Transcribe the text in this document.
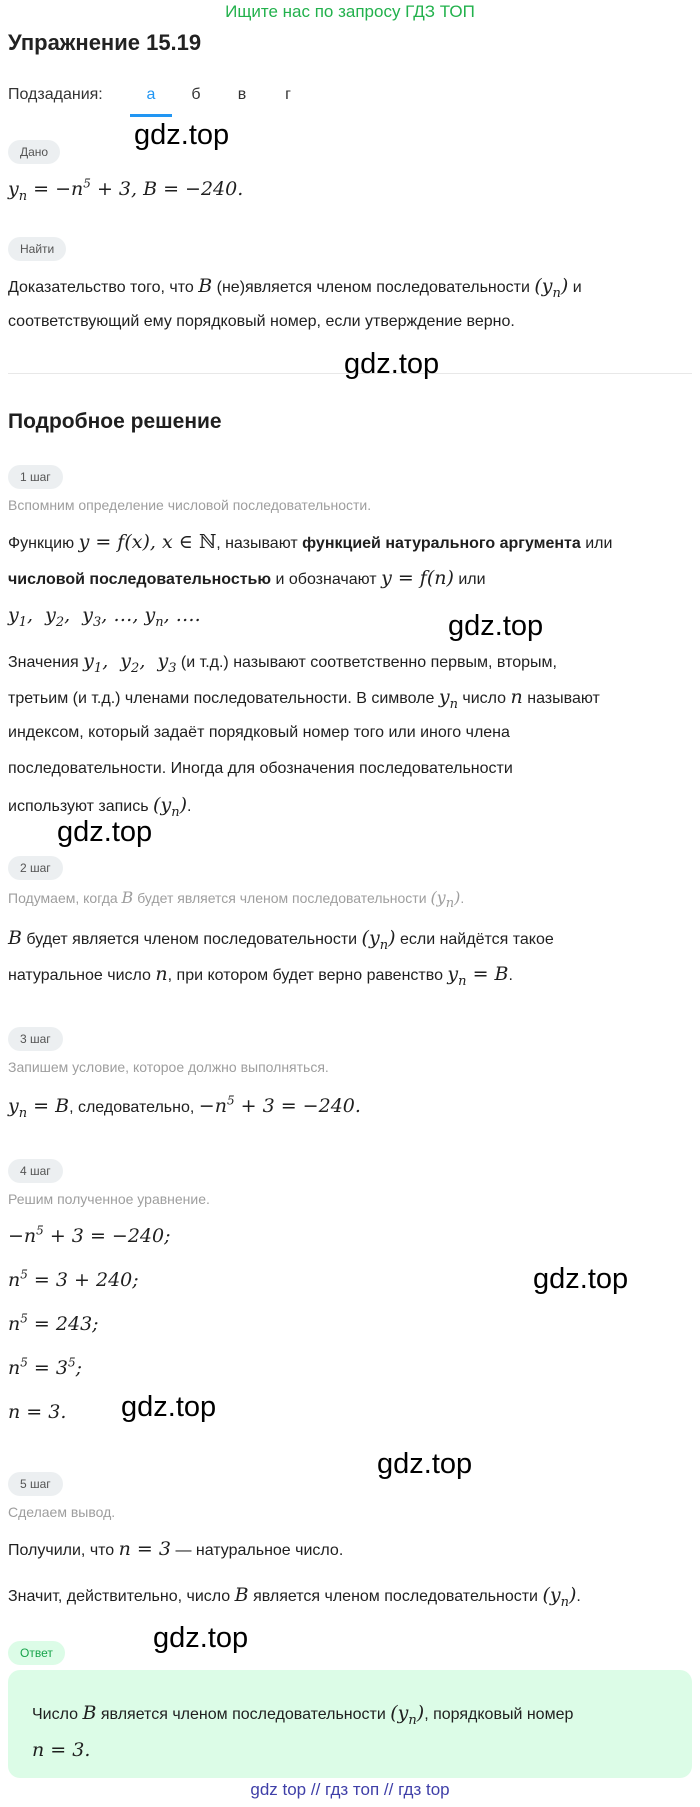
Ищите нас по запросу ГДЗ ТОП
Упражнение 15.19
Подзадания:	а	б	в	г
Дано
gdz.top
$y_n = -n^5 + 3$, B = −240.
Найти
Доказательство того, что B (не)является членом последовательности $(y_n)$ и
соответствующий ему порядковый номер, если утверждение верно.
gdz.top
Подробное решение
1 шаг
Вспомним определение числовой последовательности.
Функцию y = f(x), x ∈ ℕ, называют функцией натурального аргумента или
числовой последовательностью и обозначают y = f(n) или
$y_1$,  $y_2$,  $y_3$, …, $y_n$, ….	gdz.top
Значения $y_1$,  $y_2$,  $y_3$ (и т.д.) называют соответственно первым, вторым,
третьим (и т.д.) членами последовательности. В символе $y_n$ число n называют
индексом, который задаёт порядковый номер того или иного члена
последовательности. Иногда для обозначения последовательности
используют запись $(y_n)$.
gdz.top
2 шаг
Подумаем, когда B будет является членом последовательности $(y_n)$.
B будет является членом последовательности $(y_n)$ если найдётся такое
натуральное число n, при котором будет верно равенство $y_n = B$.
3 шаг
Запишем условие, которое должно выполняться.
$y_n = B$, следовательно, $-n^5 + 3 = -240$.
4 шаг
Решим полученное уравнение.
$-n^5 + 3 = -240$;
$n^5 = 3 + 240$;	gdz.top
$n^5 = 243$;
$n^5 = 3^5$;
n = 3. gdz.top
gdz.top
5 шаг
Сделаем вывод.
Получили, что n = 3 — натуральное число.
Значит, действительно, число B является членом последовательности $(y_n)$.
gdz.top
Ответ
Число B является членом последовательности $(y_n)$, порядковый номер
n = 3.
gdz top // гдз топ // гдз top
